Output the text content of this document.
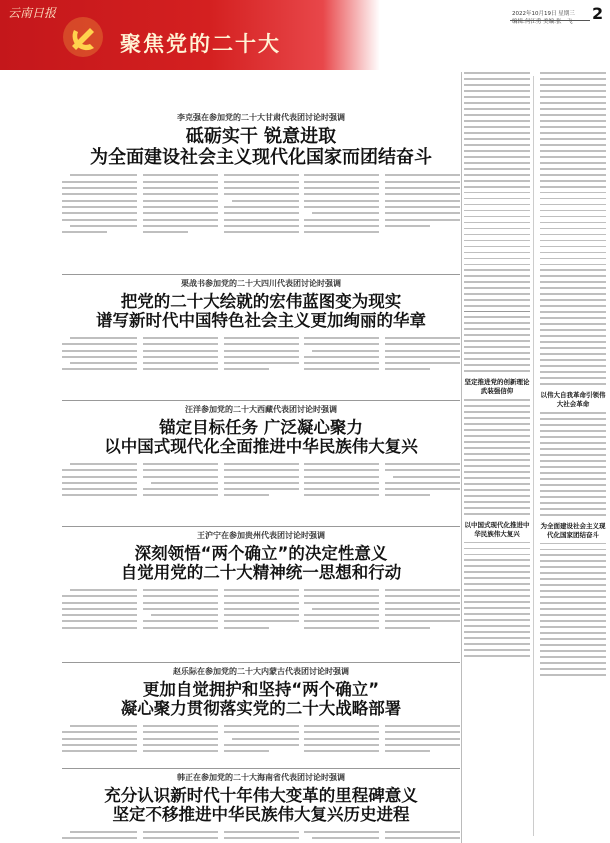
云南日报
聚焦党的二十大
2022年10月19日 星期三
编辑:何江勇 美编:张一飞	2
李克强在参加党的二十大甘肃代表团讨论时强调
砥砺实干 锐意进取
为全面建设社会主义现代化国家而团结奋斗
栗战书参加党的二十大四川代表团讨论时强调
把党的二十大绘就的宏伟蓝图变为现实
谱写新时代中国特色社会主义更加绚丽的华章
汪洋参加党的二十大西藏代表团讨论时强调
锚定目标任务 广泛凝心聚力
以中国式现代化全面推进中华民族伟大复兴
王沪宁在参加贵州代表团讨论时强调
深刻领悟“两个确立”的决定性意义
自觉用党的二十大精神统一思想和行动
赵乐际在参加党的二十大内蒙古代表团讨论时强调
更加自觉拥护和坚持“两个确立”
凝心聚力贯彻落实党的二十大战略部署
韩正在参加党的二十大海南省代表团讨论时强调
充分认识新时代十年伟大变革的里程碑意义
坚定不移推进中华民族伟大复兴历史进程
坚定推进党的创新理论武装强信仰
以中国式现代化推进中华民族伟大复兴
以伟大自我革命引领伟大社会革命
为全面建设社会主义现代化国家团结奋斗
